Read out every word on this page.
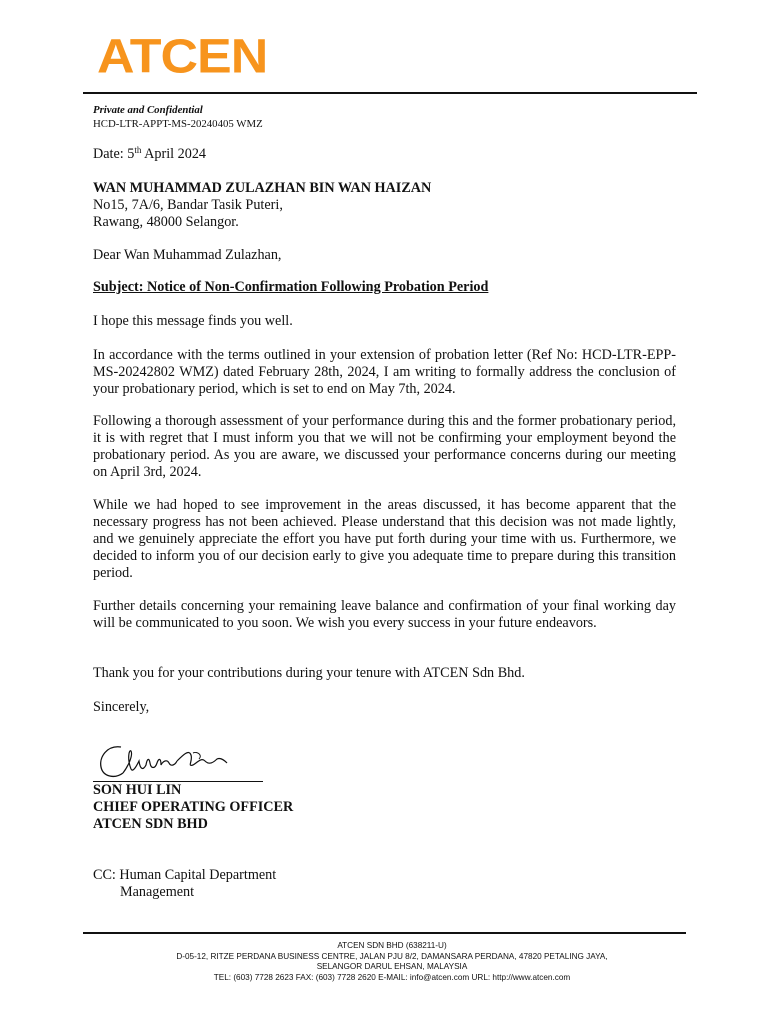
ATCEN
Private and Confidential
HCD-LTR-APPT-MS-20240405 WMZ
Date: 5th April 2024
WAN MUHAMMAD ZULAZHAN BIN WAN HAIZAN
No15, 7A/6, Bandar Tasik Puteri,
Rawang, 48000 Selangor.
Dear Wan Muhammad Zulazhan,
Subject: Notice of Non-Confirmation Following Probation Period

I hope this message finds you well.

In accordance with the terms outlined in your extension of probation letter (Ref No: HCD-LTR-EPP-MS-20242802 WMZ) dated February 28th, 2024, I am writing to formally address the conclusion of your probationary period, which is set to end on May 7th, 2024.

Following a thorough assessment of your performance during this and the former probationary period, it is with regret that I must inform you that we will not be confirming your employment beyond the probationary period. As you are aware, we discussed your performance concerns during our meeting on April 3rd, 2024.

While we had hoped to see improvement in the areas discussed, it has become apparent that the necessary progress has not been achieved. Please understand that this decision was not made lightly, and we genuinely appreciate the effort you have put forth during your time with us. Furthermore, we decided to inform you of our decision early to give you adequate time to prepare during this transition period.

Further details concerning your remaining leave balance and confirmation of your final working day will be communicated to you soon. We wish you every success in your future endeavors.

Thank you for your contributions during your tenure with ATCEN Sdn Bhd.

Sincerely,

SON HUI LIN
CHIEF OPERATING OFFICER
ATCEN SDN BHD
CC: Human Capital Department
Management
ATCEN SDN BHD (638211-U)
D-05-12, RITZE PERDANA BUSINESS CENTRE, JALAN PJU 8/2, DAMANSARA PERDANA, 47820 PETALING JAYA,
SELANGOR DARUL EHSAN, MALAYSIA
TEL: (603) 7728 2623 FAX: (603) 7728 2620 E-MAIL: info@atcen.com URL: http://www.atcen.com
